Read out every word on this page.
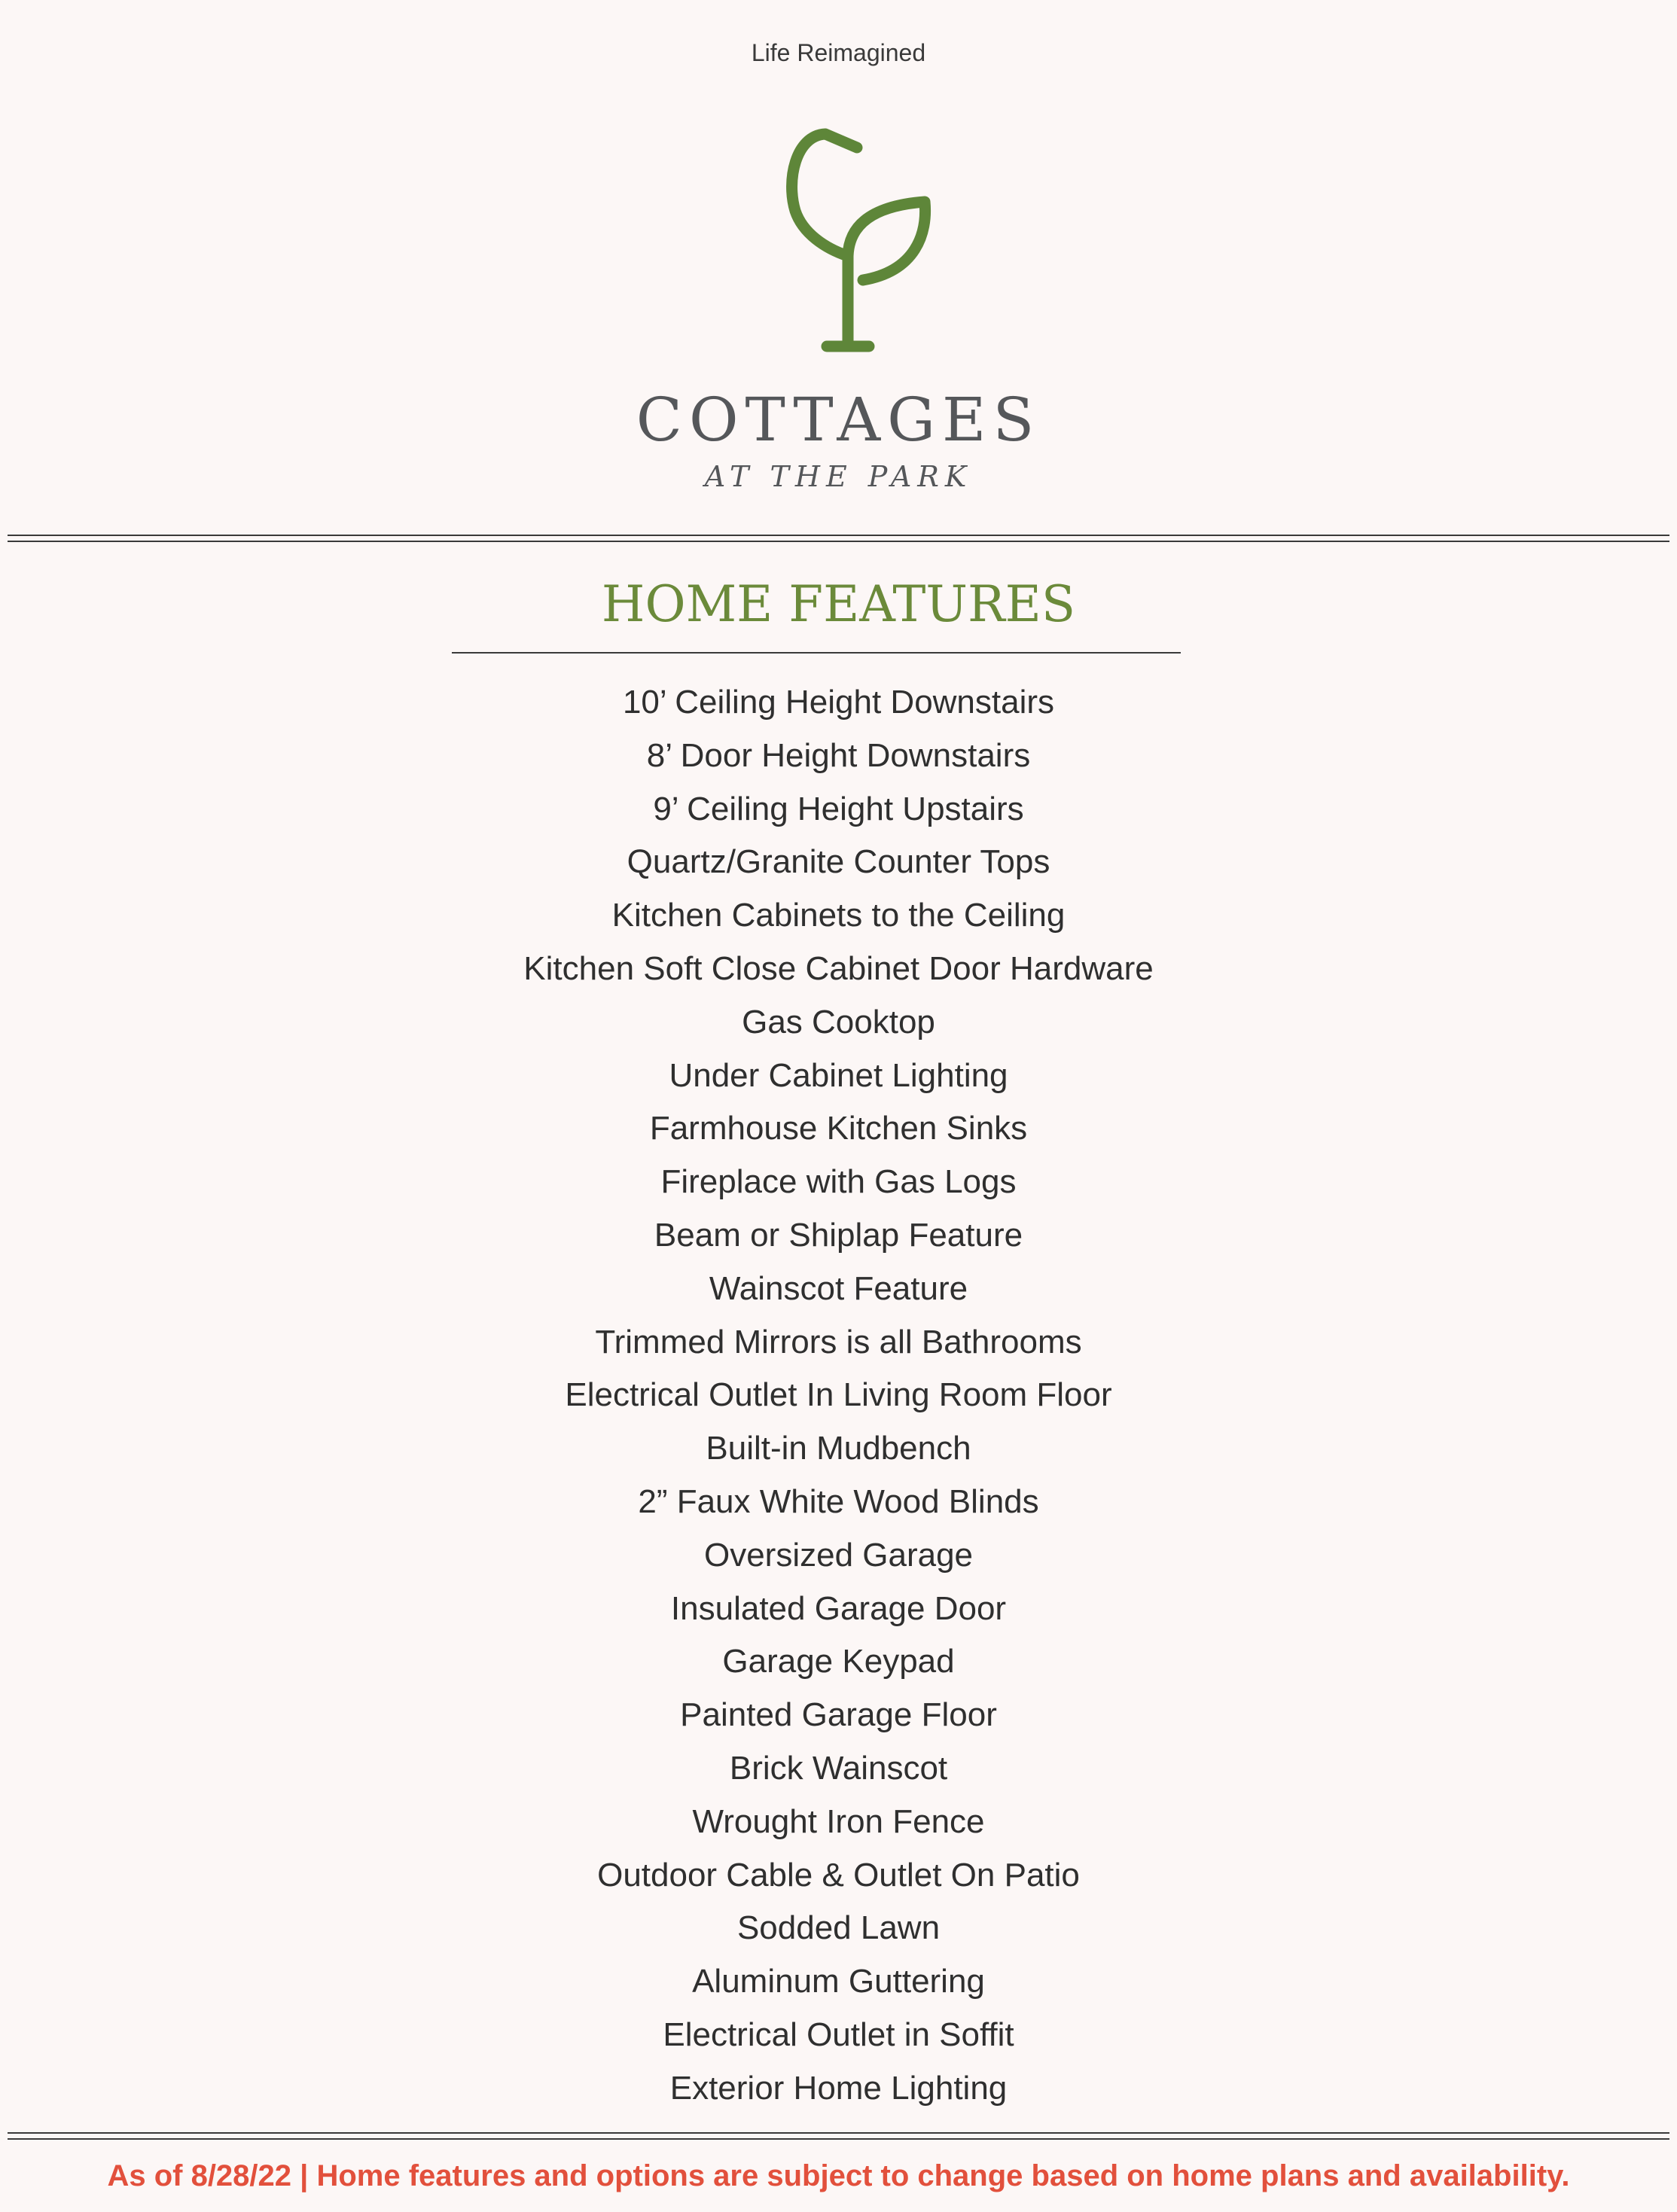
Life Reimagined
COTTAGES
AT THE PARK
HOME FEATURES
10’ Ceiling Height Downstairs
8’ Door Height Downstairs
9’ Ceiling Height Upstairs
Quartz/Granite Counter Tops
Kitchen Cabinets to the Ceiling
Kitchen Soft Close Cabinet Door Hardware
Gas Cooktop
Under Cabinet Lighting
Farmhouse Kitchen Sinks
Fireplace with Gas Logs
Beam or Shiplap Feature
Wainscot Feature
Trimmed Mirrors is all Bathrooms
Electrical Outlet In Living Room Floor
Built-in Mudbench
2” Faux White Wood Blinds
Oversized Garage
Insulated Garage Door
Garage Keypad
Painted Garage Floor
Brick Wainscot
Wrought Iron Fence
Outdoor Cable & Outlet On Patio
Sodded Lawn
Aluminum Guttering
Electrical Outlet in Soffit
Exterior Home Lighting
As of 8/28/22 | Home features and options are subject to change based on home plans and availability.
